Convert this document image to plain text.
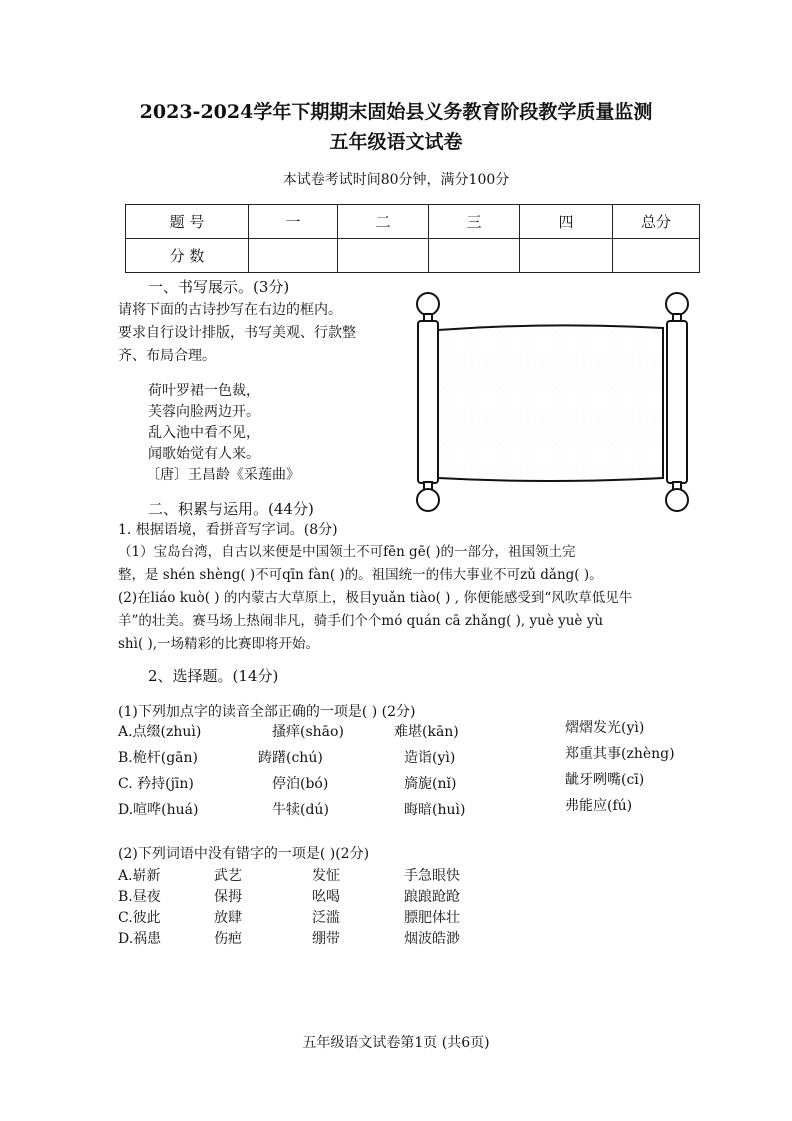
2023-2024学年下期期末固始县义务教育阶段教学质量监测
五年级语文试卷
本试卷考试时间80分钟，满分100分
题 号	一	二	三	四	总分
分 数					
一、书写展示。(3分)
请将下面的古诗抄写在右边的框内。
要求自行设计排版，书写美观、行款整
齐、布局合理。
荷叶罗裙一色裁，
芙蓉向脸两边开。
乱入池中看不见，
闻歌始觉有人来。
〔唐〕王昌龄《采莲曲》
二、积累与运用。(44分)
1. 根据语境，看拼音写字词。(8分)
（1）宝岛台湾，自古以来便是中国领土不可fēn gē( )的一部分，祖国领土完
整，是 shén shèng( )不可qīn fàn( )的。祖国统一的伟大事业不可zǔ dǎng( )。
(2)在liáo kuò( ) 的内蒙古大草原上，极目yuǎn tiào( ) , 你便能感受到“风吹草低见牛
羊”的壮美。赛马场上热闹非凡，骑手们个个mó quán cā zhǎng( ), yuè yuè yù
shì( ),一场精彩的比赛即将开始。
2、选择题。(14分)
(1)下列加点字的读音全部正确的一项是( ) (2分)
A.点缀(zhuì)	搔痒(shāo)	难堪(kān)	熠熠发光(yì)
B.桅杆(gān)	踌躇(chú)	造诣(yì)	郑重其事(zhèng)
C. 矜持(jīn)	停泊(bó)	旖旎(nǐ)	龇牙咧嘴(cī)
D.喧哗(huá)	牛犊(dú)	晦暗(huì)	弗能应(fú)
(2)下列词语中没有错字的一项是( )(2分)
A.崭新	武艺	发怔	手急眼快
B.昼夜	保拇	吆喝	踉踉跄跄
C.彼此	放肆	泛滥	膘肥体壮
D.祸患	伤疤	绷带	烟波皓渺
五年级语文试卷第1页 (共6页)
